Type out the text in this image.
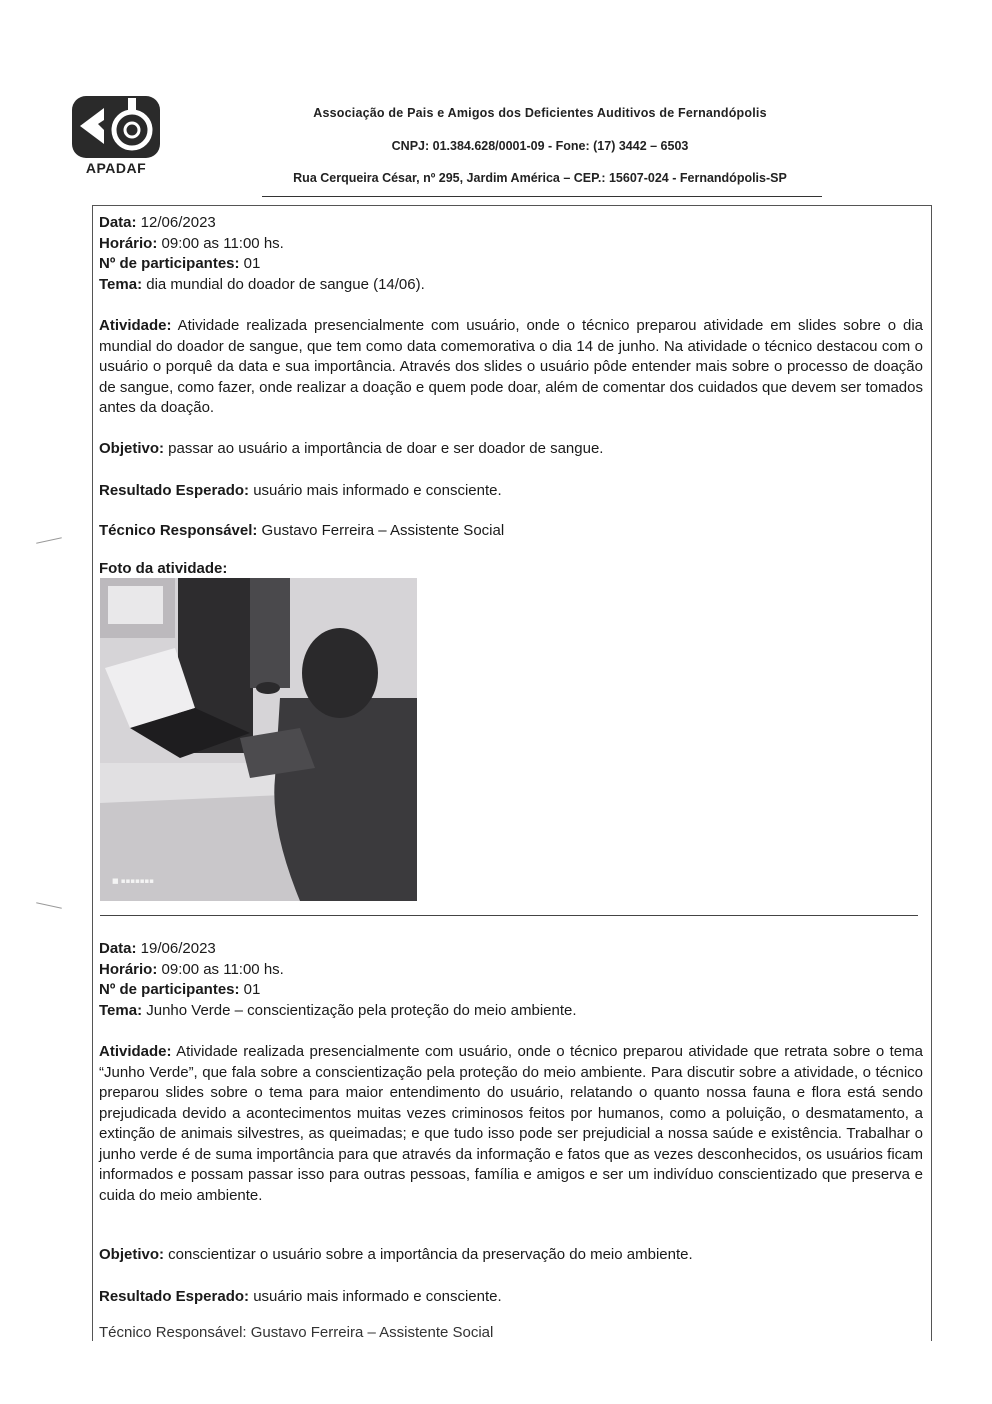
APADAF
Associação de Pais e Amigos dos Deficientes Auditivos de Fernandópolis
CNPJ: 01.384.628/0001-09 - Fone: (17) 3442 – 6503
Rua Cerqueira César, nº 295, Jardim América – CEP.: 15607-024 - Fernandópolis-SP
Data: 12/06/2023
Horário: 09:00 as 11:00 hs.
Nº de participantes: 01
Tema: dia mundial do doador de sangue (14/06).
Atividade: Atividade realizada presencialmente com usuário, onde o técnico preparou atividade em slides sobre o dia mundial do doador de sangue, que tem como data comemorativa o dia 14 de junho. Na atividade o técnico destacou com o usuário o porquê da data e sua importância. Através dos slides o usuário pôde entender mais sobre o processo de doação de sangue, como fazer, onde realizar a doação e quem pode doar, além de comentar dos cuidados que devem ser tomados antes da doação.
Objetivo: passar ao usuário a importância de doar e ser doador de sangue.
Resultado Esperado: usuário mais informado e consciente.
Técnico Responsável: Gustavo Ferreira – Assistente Social
Foto da atividade:
■ ▪▪▪▪▪▪▪
Data: 19/06/2023
Horário: 09:00 as 11:00 hs.
Nº de participantes: 01
Tema: Junho Verde – conscientização pela proteção do meio ambiente.
Atividade: Atividade realizada presencialmente com usuário, onde o técnico preparou atividade que retrata sobre o tema “Junho Verde”, que fala sobre a conscientização pela proteção do meio ambiente. Para discutir sobre a atividade, o técnico preparou slides sobre o tema para maior entendimento do usuário, relatando o quanto nossa fauna e flora está sendo prejudicada devido a acontecimentos muitas vezes criminosos feitos por humanos, como a poluição, o desmatamento, a extinção de animais silvestres, as queimadas; e que tudo isso pode ser prejudicial a nossa saúde e existência. Trabalhar o junho verde é de suma importância para que através da informação e fatos que as vezes desconhecidos, os usuários ficam informados e possam passar isso para outras pessoas, família e amigos e ser um indivíduo conscientizado que preserva e cuida do meio ambiente.
Objetivo: conscientizar o usuário sobre a importância da preservação do meio ambiente.
Resultado Esperado: usuário mais informado e consciente.
Técnico Responsável: Gustavo Ferreira – Assistente Social
